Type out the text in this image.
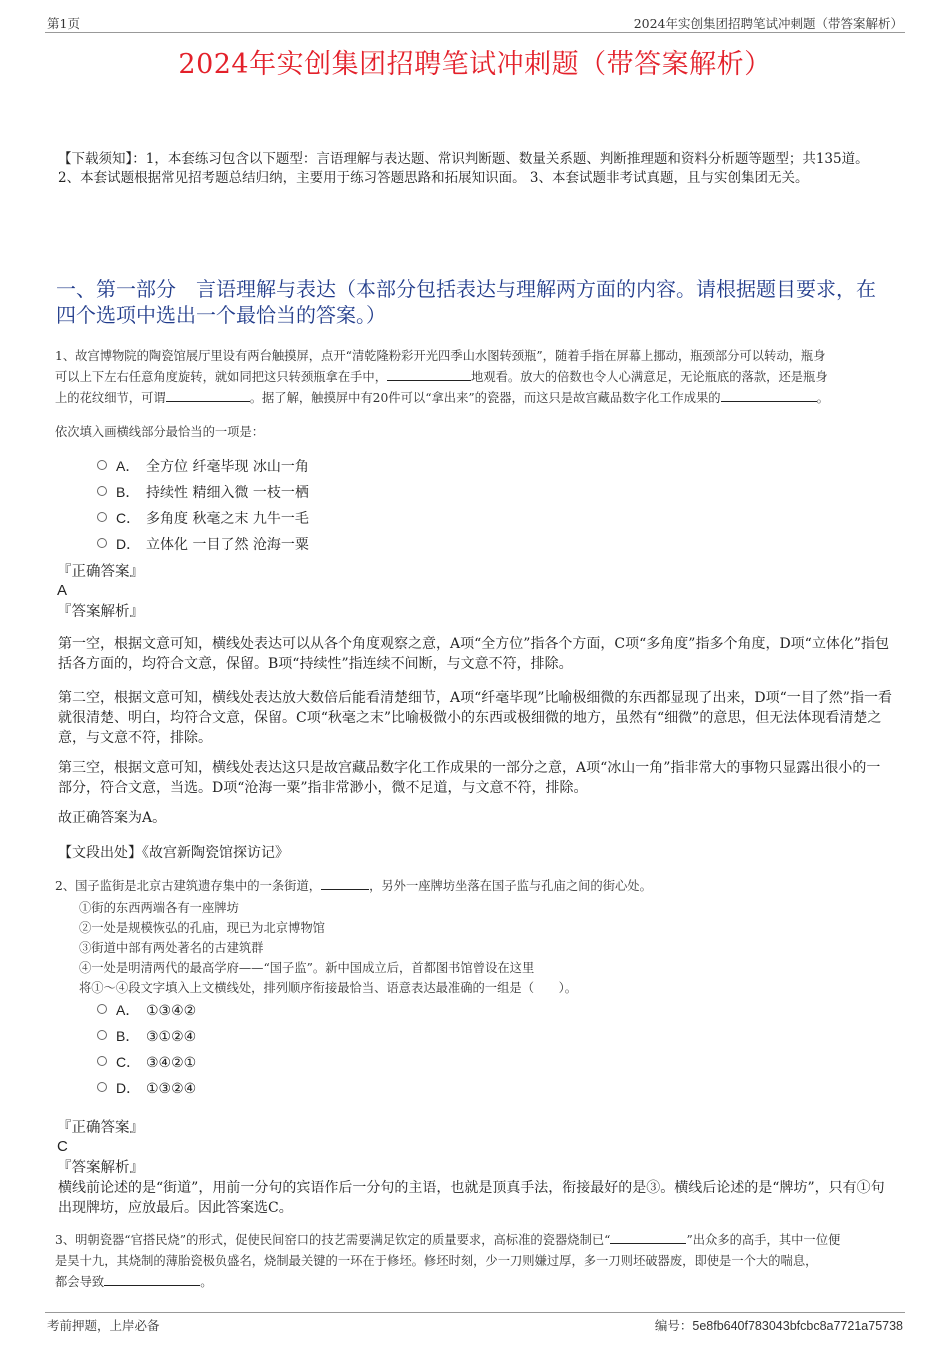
第1页	2024年实创集团招聘笔试冲刺题（带答案解析）
2024年实创集团招聘笔试冲刺题（带答案解析）
【下载须知】：1，本套练习包含以下题型：言语理解与表达题、常识判断题、数量关系题、判断推理题和资料分析题等题型；共135道。 2、本套试题根据常见招考题总结归纳，主要用于练习答题思路和拓展知识面。 3、本套试题非考试真题，且与实创集团无关。
一、第一部分　言语理解与表达（本部分包括表达与理解两方面的内容。请根据题目要求，在四个选项中选出一个最恰当的答案。）
1、故宫博物院的陶瓷馆展厅里设有两台触摸屏，点开“清乾隆粉彩开光四季山水图转颈瓶”，随着手指在屏幕上挪动，瓶颈部分可以转动，瓶身
可以上下左右任意角度旋转，就如同把这只转颈瓶拿在手中，	地观看。放大的倍数也令人心满意足，无论瓶底的落款，还是瓶身
上的花纹细节，可谓	。据了解，触摸屏中有20件可以“拿出来”的瓷器，而这只是故宫藏品数字化工作成果的	。
依次填入画横线部分最恰当的一项是：
A． 全方位 纤毫毕现 冰山一角
B． 持续性 精细入微 一枝一栖
C． 多角度 秋毫之末 九牛一毛
D． 立体化 一目了然 沧海一粟
『正确答案』
A
『答案解析』
第一空，根据文意可知，横线处表达可以从各个角度观察之意，A项“全方位”指各个方面，C项“多角度”指多个角度，D项“立体化”指包括各方面的，均符合文意，保留。B项“持续性”指连续不间断，与文意不符，排除。
第二空，根据文意可知，横线处表达放大数倍后能看清楚细节，A项“纤毫毕现”比喻极细微的东西都显现了出来，D项“一目了然”指一看就很清楚、明白，均符合文意，保留。C项“秋毫之末”比喻极微小的东西或极细微的地方，虽然有“细微”的意思，但无法体现看清楚之意，与文意不符，排除。
第三空，根据文意可知，横线处表达这只是故宫藏品数字化工作成果的一部分之意，A项“冰山一角”指非常大的事物只显露出很小的一部分，符合文意，当选。D项“沧海一粟”指非常渺小，微不足道，与文意不符，排除。
故正确答案为A。
【文段出处】《故宫新陶瓷馆探访记》
2、国子监街是北京古建筑遗存集中的一条街道，	，另外一座牌坊坐落在国子监与孔庙之间的街心处。
①街的东西两端各有一座牌坊
②一处是规模恢弘的孔庙，现已为北京博物馆
③街道中部有两处著名的古建筑群
④一处是明清两代的最高学府——“国子监”。新中国成立后，首都图书馆曾设在这里
将①～④段文字填入上文横线处，排列顺序衔接最恰当、语意表达最准确的一组是（　　）。
A． ①③④②
B． ③①②④
C． ③④②①
D． ①③②④
『正确答案』
C
『答案解析』
横线前论述的是“街道”，用前一分句的宾语作后一分句的主语，也就是顶真手法，衔接最好的是③。横线后论述的是“牌坊”，只有①句出现牌坊，应放最后。因此答案选C。
3、明朝瓷器“官搭民烧”的形式，促使民间窑口的技艺需要满足钦定的质量要求，高标准的瓷器烧制已“	”出众多的高手，其中一位便
是昊十九，其烧制的薄胎瓷极负盛名，烧制最关键的一环在于修坯。修坯时刻，少一刀则嫌过厚，多一刀则坯破器废，即使是一个大的喘息，
都会导致	。
考前押题，上岸必备	编号：5e8fb640f783043bfcbc8a7721a75738
